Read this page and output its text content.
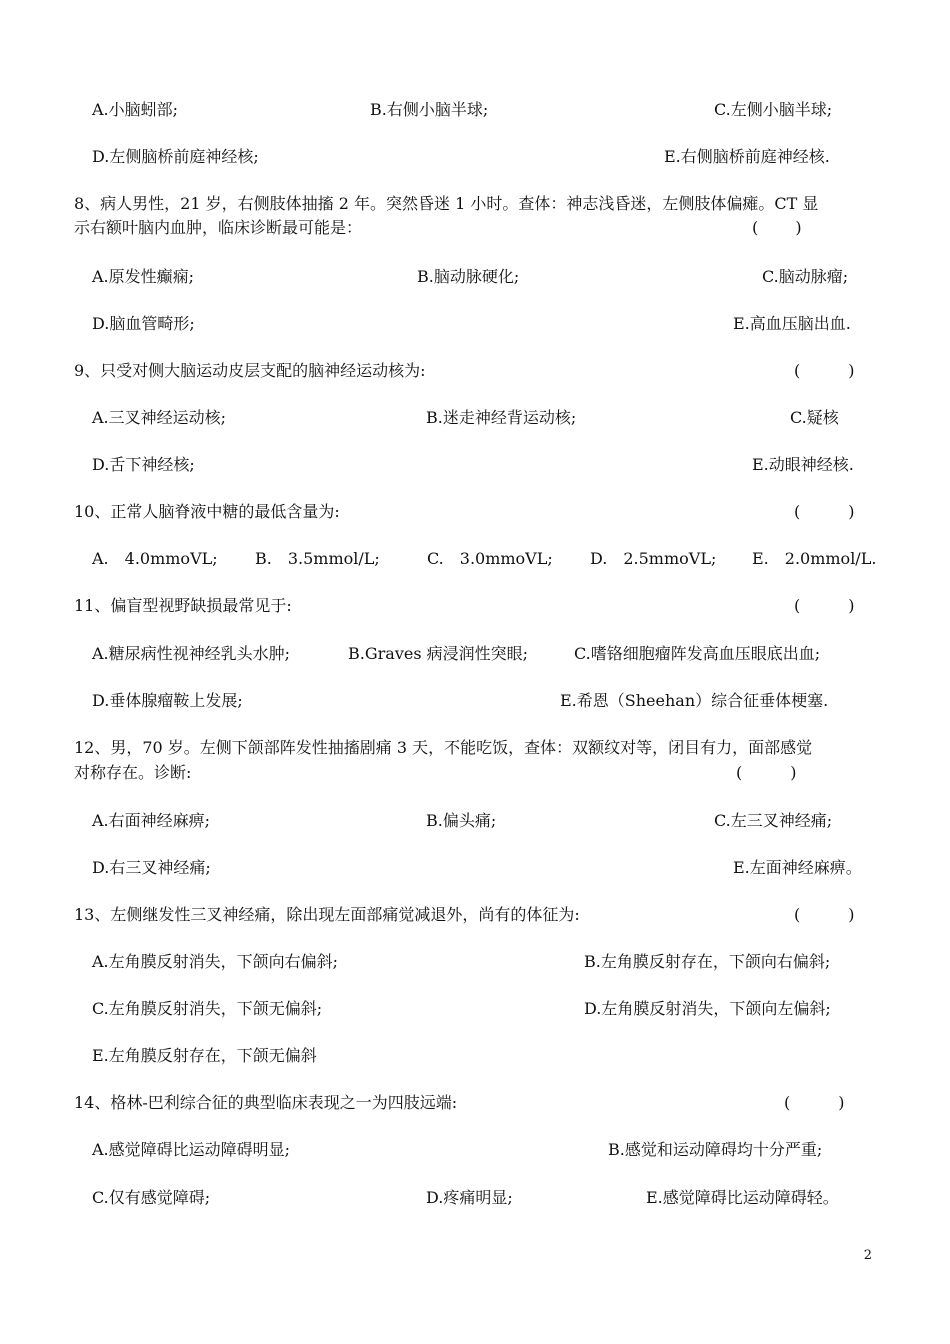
A.小脑蚓部;	B.右侧小脑半球;	C.左侧小脑半球;
D.左侧脑桥前庭神经核;	E.右侧脑桥前庭神经核.
8、病人男性，21 岁，右侧肢体抽搐 2 年。突然昏迷 1 小时。查体：神志浅昏迷，左侧肢体偏瘫。CT 显
示右额叶脑内血肿，临床诊断最可能是：	(　　 )
A.原发性癫痫;	B.脑动脉硬化;	C.脑动脉瘤;
D.脑血管畸形;	E.高血压脑出血.
9、只受对侧大脑运动皮层支配的脑神经运动核为:	(　　　)
A.三叉神经运动核;	B.迷走神经背运动核;	C.疑核
D.舌下神经核;	E.动眼神经核.
10、正常人脑脊液中糖的最低含量为:	(　　　)
A.　4.0mmoVL; B.　3.5mmol/L;	C.　3.0mmoVL; D.　2.5mmoVL; E.　2.0mmol/L.
11、偏盲型视野缺损最常见于:	(　　　)
A.糖尿病性视神经乳头水肿;	B.Graves 病浸润性突眼;	C.嗜铬细胞瘤阵发高血压眼底出血;
D.垂体腺瘤鞍上发展;	E.希恩（Sheehan）综合征垂体梗塞.
12、男，70 岁。左侧下颌部阵发性抽搐剧痛 3 天，不能吃饭，查体：双额纹对等，闭目有力，面部感觉
对称存在。诊断:	(　　　)
A.右面神经麻痹;	B.偏头痛;	C.左三叉神经痛;
D.右三叉神经痛;	E.左面神经麻痹。
13、左侧继发性三叉神经痛，除出现左面部痛觉减退外，尚有的体征为:	(　　　)
A.左角膜反射消失，下颌向右偏斜;	B.左角膜反射存在，下颌向右偏斜;
C.左角膜反射消失，下颌无偏斜;	D.左角膜反射消失，下颌向左偏斜;
E.左角膜反射存在，下颌无偏斜
14、格林-巴利综合征的典型临床表现之一为四肢远端:	(　　　)
A.感觉障碍比运动障碍明显;	B.感觉和运动障碍均十分严重;
C.仅有感觉障碍;	D.疼痛明显;	E.感觉障碍比运动障碍轻。
2
